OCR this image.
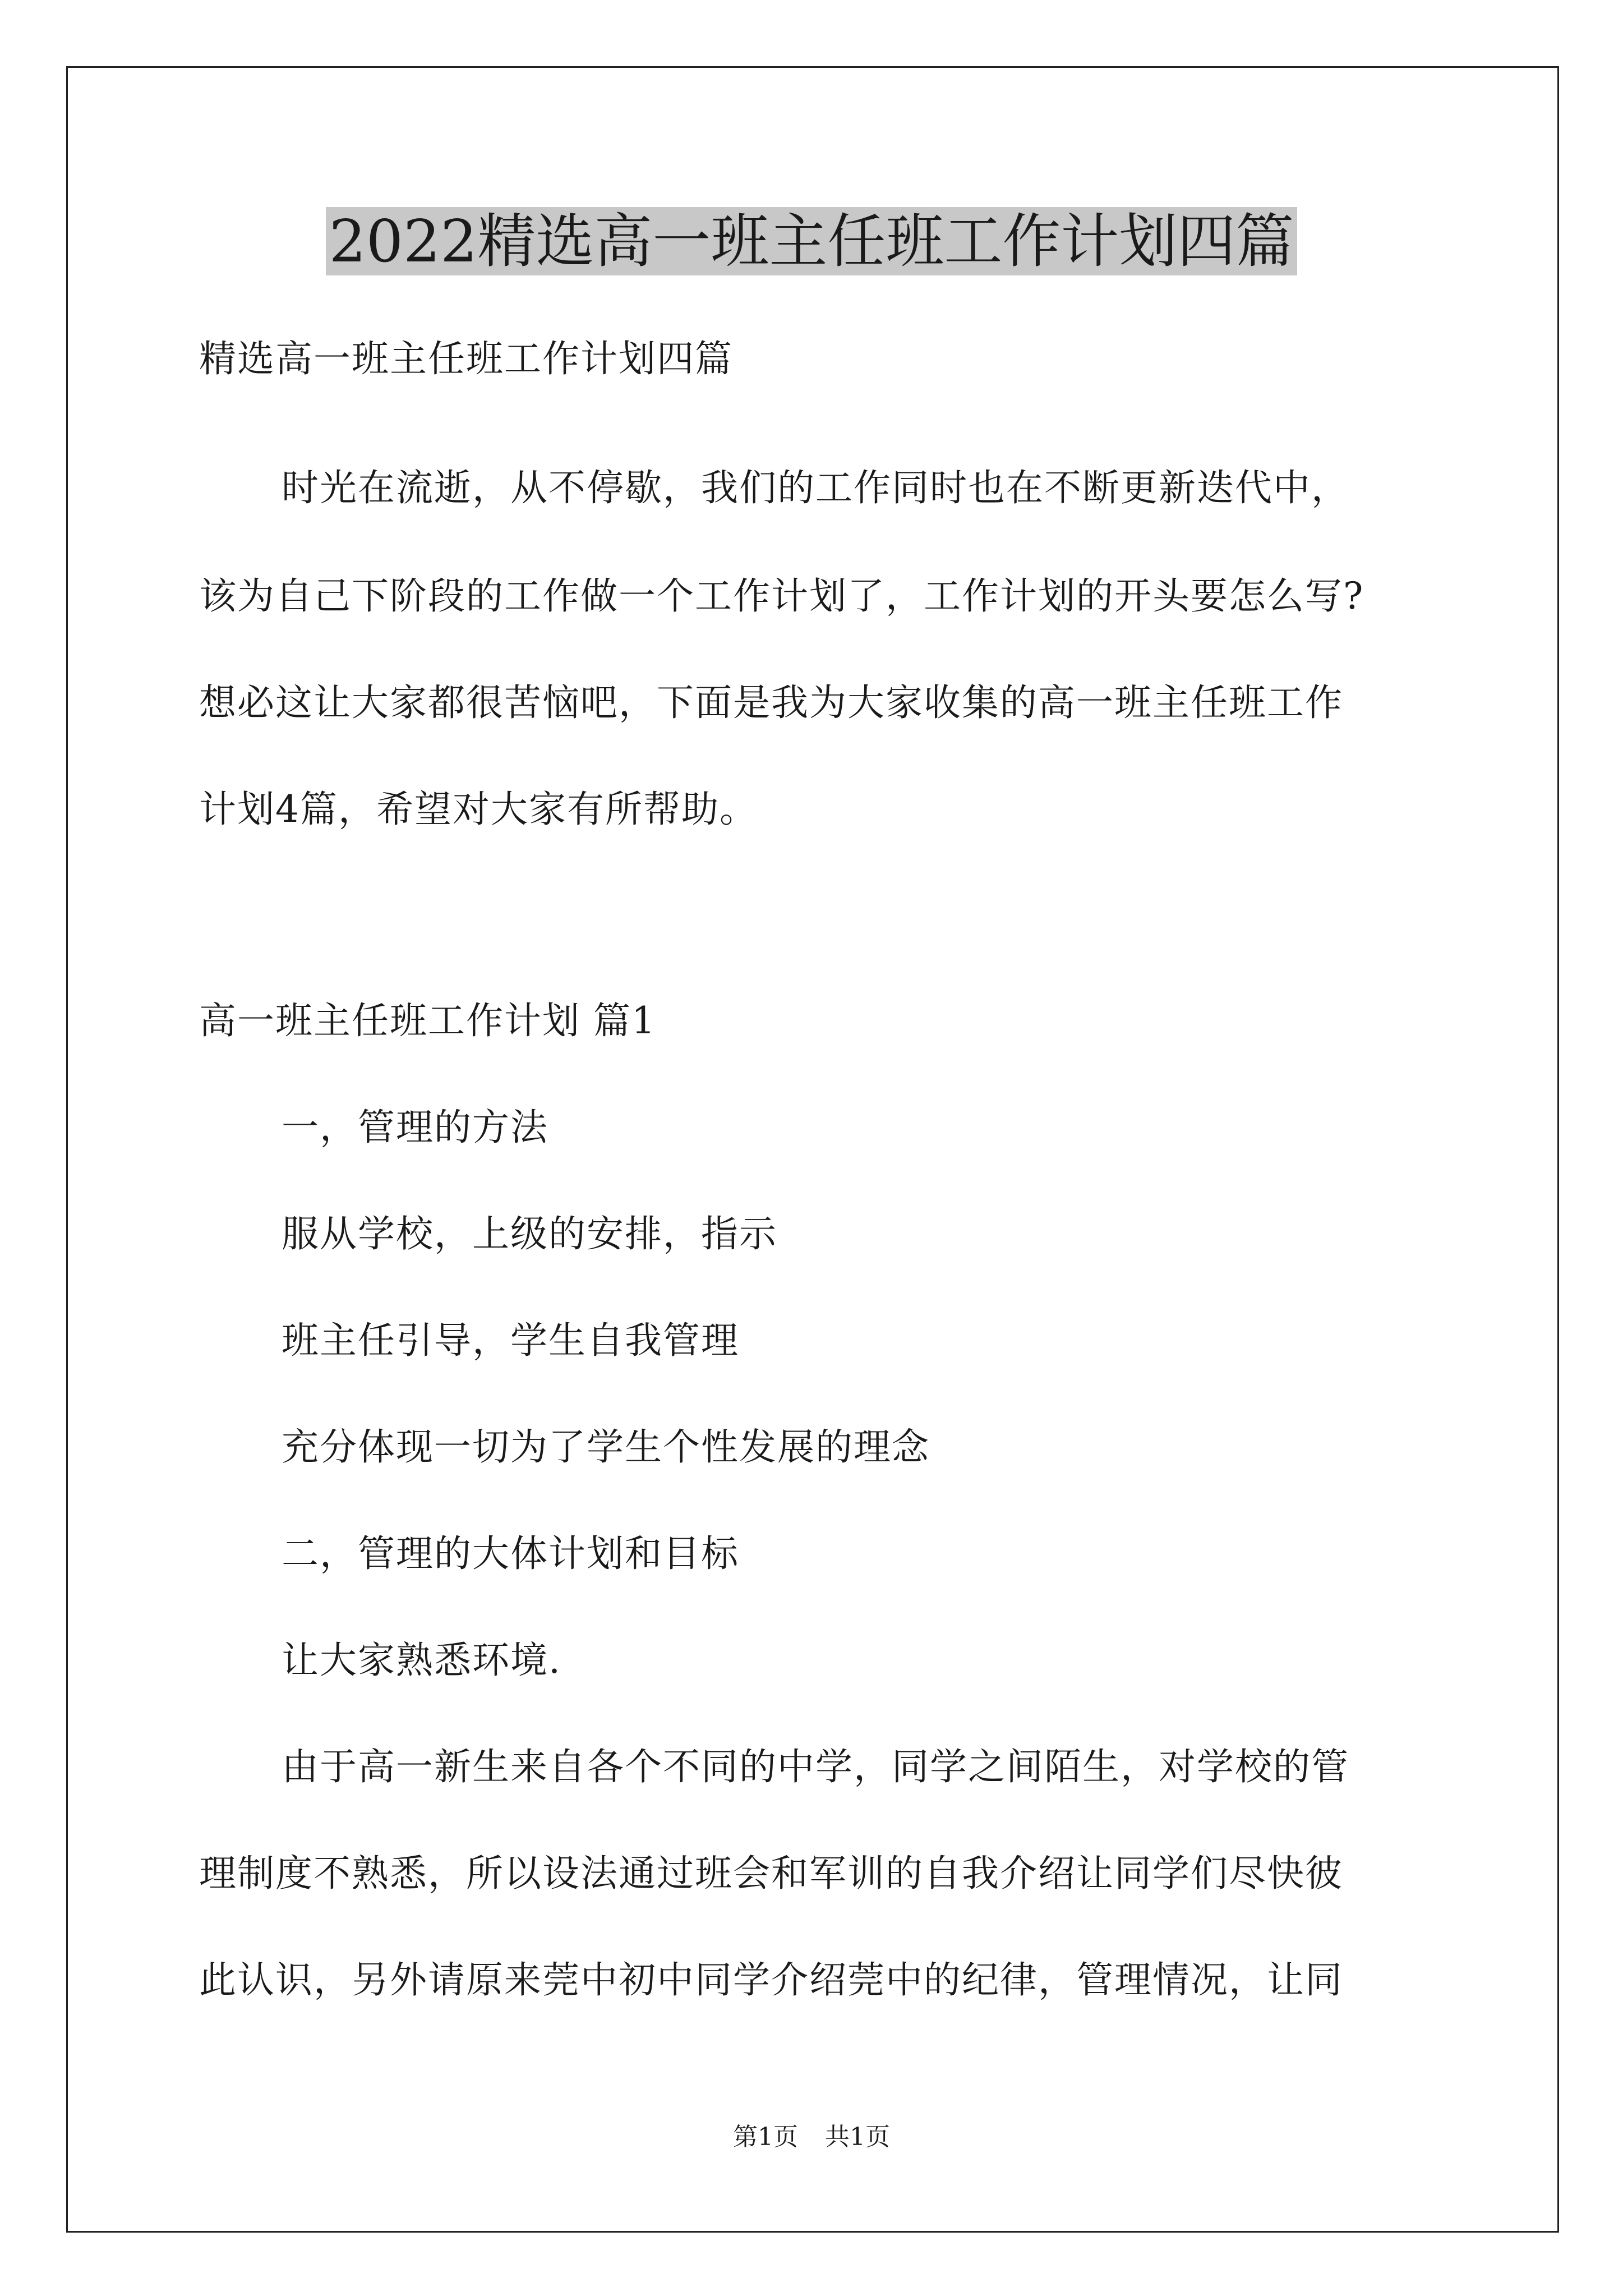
2022精选高一班主任班工作计划四篇
精选高一班主任班工作计划四篇
时光在流逝，从不停歇，我们的工作同时也在不断更新迭代中，
该为自己下阶段的工作做一个工作计划了，工作计划的开头要怎么写?
想必这让大家都很苦恼吧，下面是我为大家收集的高一班主任班工作
计划4篇，希望对大家有所帮助。
高一班主任班工作计划 篇1
一，管理的方法
服从学校，上级的安排，指示
班主任引导，学生自我管理
充分体现一切为了学生个性发展的理念
二，管理的大体计划和目标
让大家熟悉环境.
由于高一新生来自各个不同的中学，同学之间陌生，对学校的管
理制度不熟悉，所以设法通过班会和军训的自我介绍让同学们尽快彼
此认识，另外请原来莞中初中同学介绍莞中的纪律，管理情况，让同
第1页 共1页
